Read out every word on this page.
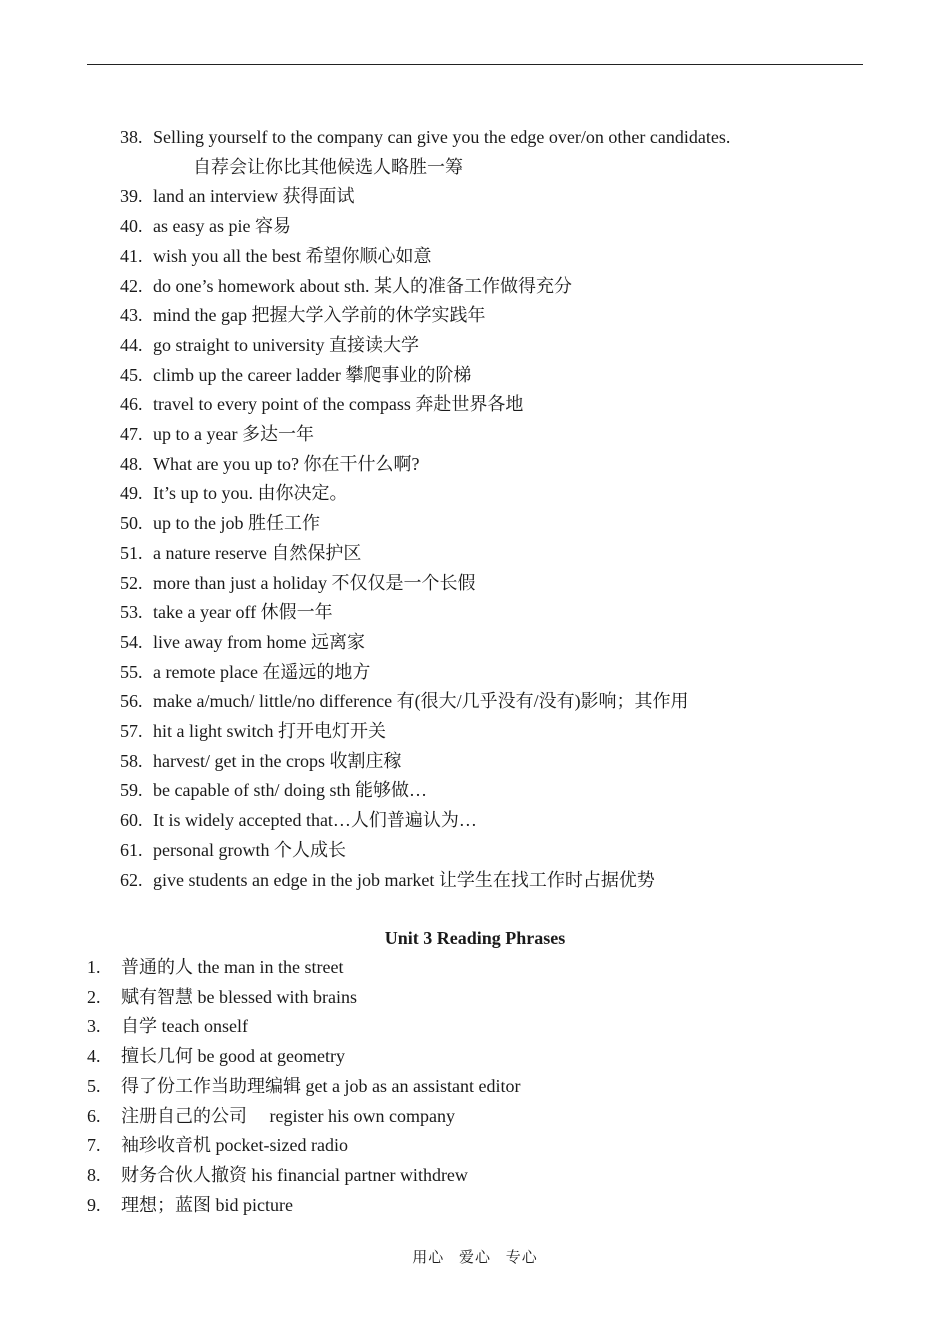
38. Selling yourself to the company can give you the edge over/on other candidates.
自荐会让你比其他候选人略胜一筹
39. land an interview 获得面试
40. as easy as pie 容易
41. wish you all the best 希望你顺心如意
42. do one’s homework about sth. 某人的准备工作做得充分
43. mind the gap 把握大学入学前的休学实践年
44. go straight to university 直接读大学
45. climb up the career ladder 攀爬事业的阶梯
46. travel to every point of the compass 奔赴世界各地
47. up to a year 多达一年
48. What are you up to? 你在干什么啊?
49. It’s up to you. 由你决定。
50. up to the job 胜任工作
51. a nature reserve 自然保护区
52. more than just a holiday 不仅仅是一个长假
53. take a year off 休假一年
54. live away from home 远离家
55. a remote place 在遥远的地方
56. make a/much/ little/no difference 有(很大/几乎没有/没有)影响；其作用
57. hit a light switch 打开电灯开关
58. harvest/ get in the crops 收割庄稼
59. be capable of sth/ doing sth 能够做…
60. It is widely accepted that…人们普遍认为…
61. personal growth 个人成长
62. give students an edge in the job market 让学生在找工作时占据优势
Unit 3 Reading Phrases
1. 普通的人 the man in the street
2. 赋有智慧 be blessed with brains
3. 自学 teach onself
4. 擅长几何 be good at geometry
5. 得了份工作当助理编辑 get a job as an assistant editor
6. 注册自己的公司     register his own company
7. 袖珍收音机 pocket-sized radio
8. 财务合伙人撤资 his financial partner withdrew
9. 理想；蓝图 bid picture
用心 爱心 专心
